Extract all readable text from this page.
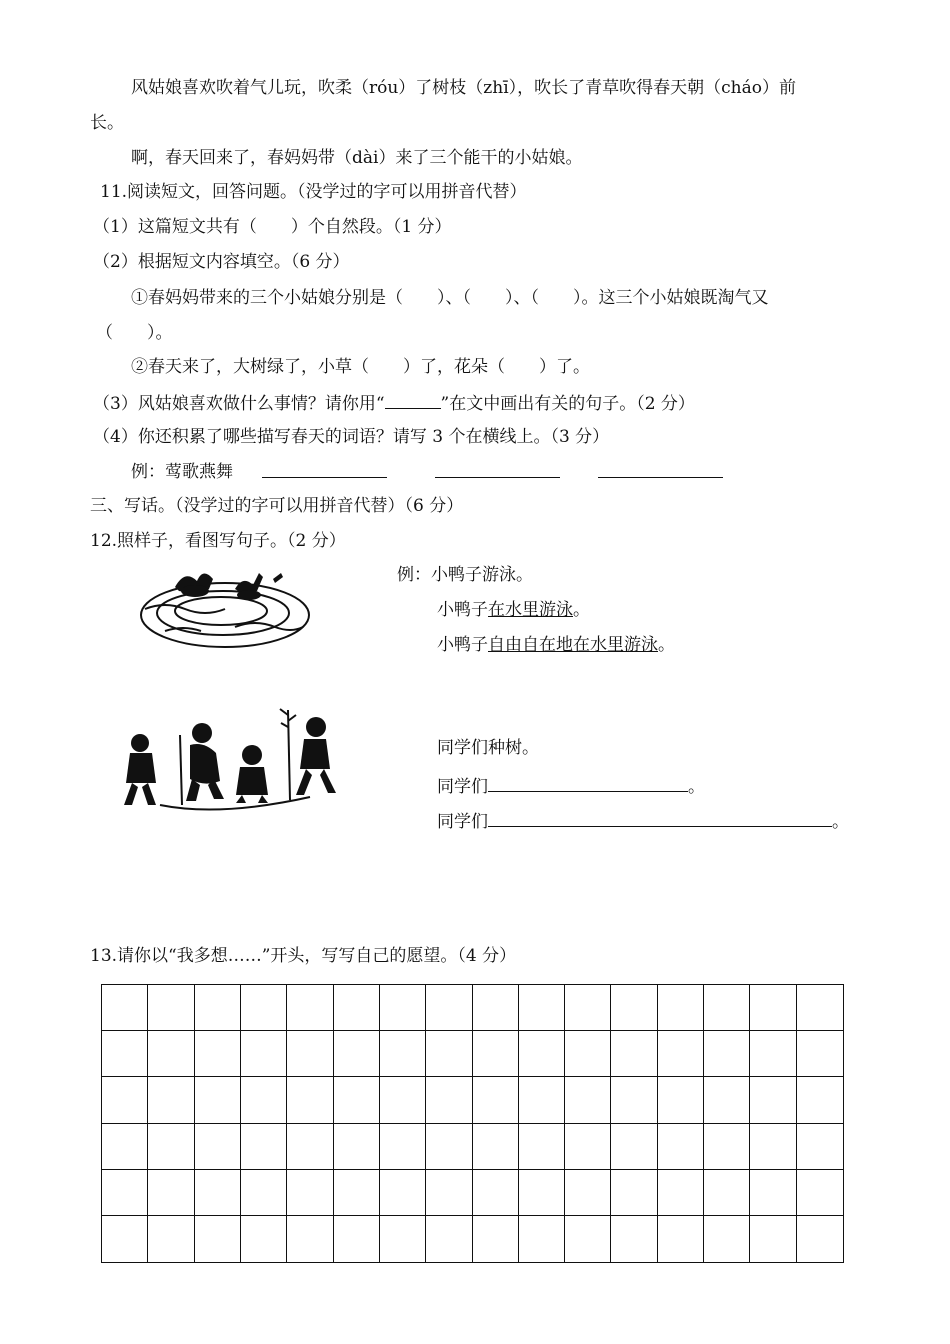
风姑娘喜欢吹着气儿玩，吹柔（róu）了树枝（zhī），吹长了青草吹得春天朝（cháo）前
长。
啊，春天回来了，春妈妈带（dài）来了三个能干的小姑娘。
11.阅读短文，回答问题。（没学过的字可以用拼音代替）
（1）这篇短文共有（　　）个自然段。（1 分）
（2）根据短文内容填空。（6 分）
①春妈妈带来的三个小姑娘分别是（　　）、（　　）、（　　）。这三个小姑娘既淘气又
（　　）。
②春天来了，大树绿了，小草（　　）了，花朵（　　）了。
（3）风姑娘喜欢做什么事情？请你用“	”在文中画出有关的句子。（2 分）
（4）你还积累了哪些描写春天的词语？请写 3 个在横线上。（3 分）
例：莺歌燕舞
三、写话。（没学过的字可以用拼音代替）（6 分）
12.照样子，看图写句子。（2 分）
例：小鸭子游泳。
小鸭子在水里游泳。
小鸭子自由自在地在水里游泳。
同学们种树。
同学们	。
同学们	。
13.请你以“我多想……”开头，写写自己的愿望。（4 分）
